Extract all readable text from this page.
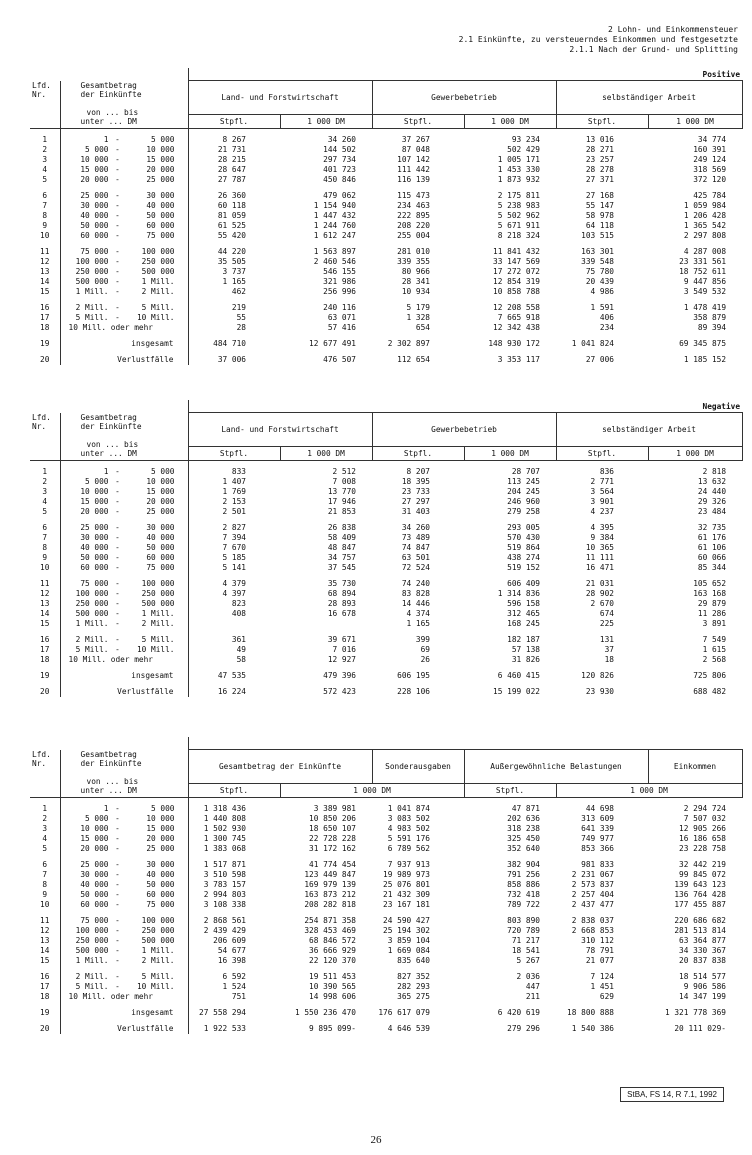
2 Lohn- und Einkommensteuer
2.1 Einkünfte, zu versteuerndes Einkommen und festgesetzte
2.1.1 Nach der Grund- und Splitting
		Positive					
Lfd.
Nr.	Gesamtbetrag
der Einkünfte

von ... bis
unter ... DM	Land- und Forstwirtschaft		Gewerbebetrieb		selbständiger Arbeit	
		Stpfl.	1 000 DM	Stpfl.	1 000 DM	Stpfl.	1 000 DM

1	1 - 5 000	8 267	34 260	37 267	93 234	13 016	34 774
2	5 000 - 10 000	21 731	144 502	87 048	502 429	28 271	160 391
3	10 000 - 15 000	28 215	297 734	107 142	1 005 171	23 257	249 124
4	15 000 - 20 000	28 647	401 723	111 442	1 453 330	28 278	318 569
5	20 000 - 25 000	27 787	450 846	116 139	1 873 932	27 371	372 120

6	25 000 - 30 000	26 360	479 062	115 473	2 175 811	27 168	425 784
7	30 000 - 40 000	60 118	1 154 940	234 463	5 238 983	55 147	1 059 984
8	40 000 - 50 000	81 059	1 447 432	222 895	5 502 962	58 978	1 206 428
9	50 000 - 60 000	61 525	1 244 760	208 220	5 671 911	64 118	1 365 542
10	60 000 - 75 000	55 420	1 612 247	255 004	8 218 324	103 515	2 297 808

11	75 000 - 100 000	44 220	1 563 897	281 010	11 841 432	163 301	4 287 008
12	100 000 - 250 000	35 505	2 460 546	339 355	33 147 569	339 548	23 331 561
13	250 000 - 500 000	3 737	546 155	80 966	17 272 072	75 780	18 752 611
14	500 000 - 1 Mill.	1 165	321 986	28 341	12 854 319	20 439	9 447 856
15	1 Mill. - 2 Mill.	462	256 996	10 934	10 858 788	4 986	3 549 532

16	2 Mill. - 5 Mill.	219	240 116	5 179	12 208 558	1 591	1 478 419
17	5 Mill. - 10 Mill.	55	63 071	1 328	7 665 918	406	358 879
18	10 Mill. oder mehr	28	57 416	654	12 342 438	234	89 394

19	insgesamt	484 710	12 677 491	2 302 897	148 930 172	1 041 824	69 345 875

20	Verlustfälle	37 006	476 507	112 654	3 353 117	27 006	1 185 152
		Negative					
Lfd.
Nr.	Gesamtbetrag
der Einkünfte

von ... bis
unter ... DM	Land- und Forstwirtschaft		Gewerbebetrieb		selbständiger Arbeit	
		Stpfl.	1 000 DM	Stpfl.	1 000 DM	Stpfl.	1 000 DM

1	1 - 5 000	833	2 512	8 207	28 707	836	2 818
2	5 000 - 10 000	1 407	7 008	18 395	113 245	2 771	13 632
3	10 000 - 15 000	1 769	13 770	23 733	204 245	3 564	24 440
4	15 000 - 20 000	2 153	17 946	27 297	246 960	3 901	29 326
5	20 000 - 25 000	2 501	21 853	31 403	279 258	4 237	23 484

6	25 000 - 30 000	2 827	26 838	34 260	293 005	4 395	32 735
7	30 000 - 40 000	7 394	58 409	73 489	570 430	9 384	61 176
8	40 000 - 50 000	7 670	48 847	74 847	519 864	10 365	61 106
9	50 000 - 60 000	5 185	34 757	63 501	438 274	11 111	60 066
10	60 000 - 75 000	5 141	37 545	72 524	519 152	16 471	85 344

11	75 000 - 100 000	4 379	35 730	74 240	606 409	21 031	105 652
12	100 000 - 250 000	4 397	68 894	83 828	1 314 836	28 902	163 168
13	250 000 - 500 000	823	28 893	14 446	596 158	2 670	29 879
14	500 000 - 1 Mill.	408	16 678	4 374	312 465	674	11 286
15	1 Mill. - 2 Mill.			1 165	168 245	225	3 891

16	2 Mill. - 5 Mill.	361	39 671	399	182 187	131	7 549
17	5 Mill. - 10 Mill.	49	7 016	69	57 138	37	1 615
18	10 Mill. oder mehr	58	12 927	26	31 826	18	2 568

19	insgesamt	47 535	479 396	606 195	6 460 415	120 826	725 806

20	Verlustfälle	16 224	572 423	228 106	15 199 022	23 930	688 482

Lfd.
Nr.	Gesamtbetrag
der Einkünfte

von ... bis
unter ... DM	Gesamtbetrag der Einkünfte		Sonderausgaben	Außergewöhnliche Belastungen		Einkommen
		Stpfl.	1 000 DM		Stpfl.	1 000 DM	

1	1 - 5 000	1 318 436	3 389 981	1 041 874	47 871	44 698	2 294 724
2	5 000 - 10 000	1 440 808	10 850 206	3 083 502	202 636	313 609	7 507 032
3	10 000 - 15 000	1 502 930	18 650 107	4 983 502	318 238	641 339	12 905 266
4	15 000 - 20 000	1 300 745	22 728 228	5 591 176	325 450	749 977	16 186 658
5	20 000 - 25 000	1 383 068	31 172 162	6 789 562	352 640	853 366	23 228 758

6	25 000 - 30 000	1 517 871	41 774 454	7 937 913	382 904	981 833	32 442 219
7	30 000 - 40 000	3 510 598	123 449 847	19 989 973	791 256	2 231 067	99 845 072
8	40 000 - 50 000	3 783 157	169 979 139	25 076 801	858 886	2 573 837	139 643 123
9	50 000 - 60 000	2 994 803	163 873 212	21 432 309	732 418	2 257 404	136 764 428
10	60 000 - 75 000	3 108 338	208 282 818	23 167 181	789 722	2 437 477	177 455 887

11	75 000 - 100 000	2 868 561	254 871 358	24 590 427	803 890	2 838 037	220 686 682
12	100 000 - 250 000	2 439 429	328 453 469	25 194 302	720 789	2 668 853	281 513 814
13	250 000 - 500 000	206 609	68 846 572	3 859 104	71 217	310 112	63 364 877
14	500 000 - 1 Mill.	54 677	36 666 929	1 669 084	18 541	78 791	34 330 367
15	1 Mill. - 2 Mill.	16 398	22 120 370	835 640	5 267	21 077	20 837 838

16	2 Mill. - 5 Mill.	6 592	19 511 453	827 352	2 036	7 124	18 514 577
17	5 Mill. - 10 Mill.	1 524	10 390 565	282 293	447	1 451	9 906 586
18	10 Mill. oder mehr	751	14 998 606	365 275	211	629	14 347 199

19	insgesamt	27 558 294	1 550 236 470	176 617 079	6 420 619	18 800 888	1 321 778 369

20	Verlustfälle	1 922 533	9 895 099-	4 646 539	279 296	1 540 386	20 111 029-
StBA, FS 14, R 7.1, 1992
26
